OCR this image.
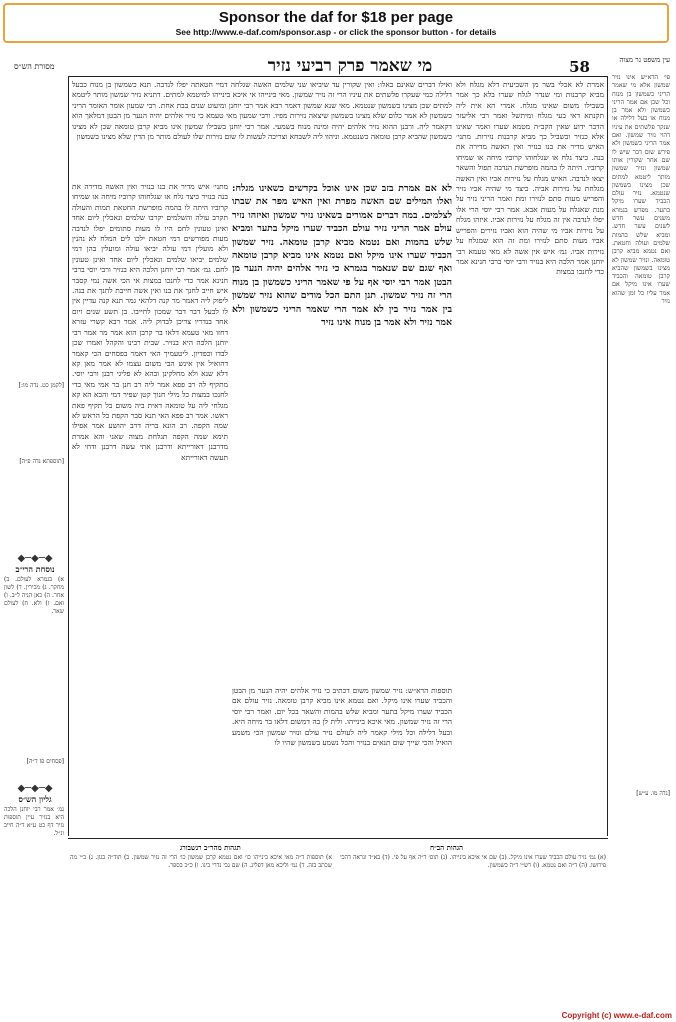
Sponsor the daf for $18 per page
See http://www.e-daf.com/sponsor.asp - or click the sponsor button - for details
58
מי שאמר פרק רביעי נזיר
מסורת הש״ס
עין משפט נר מצוה

פי׳ הרא״ש אינו נזיר שמשון אלא מי שאמר הריני כשמשון בן מנוח וכל שכן אם אמר הריני כשמשון ולא אמר בן מנוח או בעל דלילה או שנקר פלשתים את עיניו דהוי נזיר שמשון. ואם אמר הריני כשמשון ולא פירש שום דבר שיש לו שם אחר שקורין אותו שמשון ונזיר שמשון מותר ליטמא למתים שכן מצינו בשמשון שנטמא. נזיר עולם הכביד שערו מיקל בתער. מפרש בגמרא משנים עשר חדש לשנים עשר חדש. ומביא שלש בהמות שלמים ועולה וחטאת. ואם נטמא מביא קרבן טומאה. ונזיר שמשון לא מצינו בשמשון שהביא קרבן טומאה והכביד שערו אינו מיקל אם אמר עליו כל זמן שהוא נזיר

אמרת לא אכלי בשר מן השביעית דלא מגלח ולא מביא קרבנות ומי שנדר לגלח שערו בלא כך אמר בשבילו משום שאינו מגלח. אמרי הא אית ליה תקנתא דאי בעי מגלח ומיתשל ואמר רבי אליעזר הדבר ידוע שאין הקב״ה מטמא שערו ואמר שאינו אלא כנזיר ובשביל כך מביא קרבנות נזירות. מתני׳ האיש מדיר את בנו בנזיר ואין האשה מדירה את בנה. כיצד גלח או שגלחוהו קרוביו מיחה או שמיחו קרוביו. היתה לו בהמה מופרשת הנדבה תפול והשאר יצאו לנדבה. האיש מגלח על נזירות אביו ואין האשה מגלחת על נזירות אביה. כיצד מי שהיה אביו נזיר והפריש מעות סתם לנזירו ומת ואמר הריני נזיר על מנת שאגלח על מעות אבא. אמר רבי יוסי הרי אלו יפלו לנדבה אין זה מגלח על נזירות אביו. איזהו מגלח על נזירות אביו מי שהיה הוא ואביו נזירים והפריש אביו מעות סתם לנזירו ומת זה הוא שמגלח על נזירות אביו. גמ׳ איש אין אשה לא מאי טעמא רבי יוחנן אמר הלכה היא בנזיר ורבי יוסי ברבי חנינא אמר כדי לחנכו במצות

ואילו דברים שאינם כאלו: ואין שקורין עד שיביאו שני שלמים האשה שגלחה דמיי חטאתה יפלו לנדבה. תנא כשמשון בן מנוח כבעל דלילה כמי שעקרו פלשתים את עיניו הרי זה נזיר שמשון. מאי בינייהו אי איכא בינייהו למיטמא למתים. דתניא נזיר שמשון מותר ליטמא למתים שכן מצינו בשמשון שנטמא. מאי שנא שמשון דאמר רבא אמר רבי יוחנן ומיעוט שנים בבת אחת. רבי שמעון אומר האומר הריני כשמשון לא אמר כלום שלא מצינו בשמשון שיצאה נזירות מפיו. ורבי שמעון מאי טעמא כי נזיר אלהים יהיה הנער מן הבטן דמלאך הוא דקאמר ליה. ורבנן ההוא נזיר אלהים יהיה ומינה מנוח בשמעי. אמר רבי יוחנן בשבילו שמשון אינו מביא קרבן טומאה שכן לא מצינו כשמשון שהביא קרבן טומאה כשנטמא. וניהוו ליה לשבחא וצריכה לעשות לו שום נזירות שלו לעולם מותר מן הדין שלא מצינו בשמשון

לא אם אמרת בזב שכן אינו אוכל בקדשים כשאינו מגלח: ואלו המילים שם האשה מפרת ואין האיש מפר את שבתו לצלמים. במה דברים אמורים בשאינו נזיר שמשון ואיזהו נזיר עולם אמר הריני נזיר עולם הכביד שערו מיקל בתער ומביא שלש בהמות ואם נטמא מביא קרבן טומאה. נזיר שמשון הכביד שערו אינו מיקל ואם נטמא אינו מביא קרבן טומאה ואף שגם שם שנאמר בגמרא כי נזיר אלהים יהיה הנער מן הבטן אמר רבי יוסי אף על פי שאמר הריני כשמשון בן מנוח הרי זה נזיר שמשון. תנן התם הכל מודים שהוא נזיר שמשון בין אמר נזיר בין לא אמר הרי שאמר הריני כשמשון ולא אמר נזיר ולא אמר בן מנוח אינו נזיר

מתני׳ איש מדיר את בנו בנזיר ואין האשה מדירה את בנה בנזיר כיצד גלח או שגלחוהו קרוביו מיחה או שמיחו קרוביו היתה לו בהמה מופרשת החטאת תמות והעולה תקרב עולה והשלמים יקרבו שלמים ונאכלין ליום אחד ואינן טעונין לחם היו לו מעות סתומים יפלו לנדבה מעות מפורשים דמי חטאת ילכו לים המלח לא נהנין ולא מועלין דמי עולה יביאו עולה ומועלין בהן דמי שלמים יביאו שלמים ונאכלין ליום אחד ואינן טעונין לחם. גמ׳ אמר רבי יוחנן הלכה היא בנזיר ורבי יוסי ברבי חנינא אמר כדי לחנכו במצות אי הכי אשה נמי קסבר איש חייב לחנך את בנו ואין אשה חייבת לחנך את בנה. ליפוק ליה דאמר מר קנה דלהאי גמר תנא קנה עדיין אין לו לבעל דבר דבר שמכון לחייבו. בן תשע שנים ויום אחד בנדריו צריכן לבדוק ליה. אמר רבא קשרי עזרא דחזו מאי טעמא דלאו בר קרבן הוא אמר מר אמר רבי יוחנן הלכה היא בנזיר. שבית רבינו והקהל ואמרו שכן לבדו וכפדיון. ליטעמיך האי דאמר בפסחים הכי קאמר דהואיל אין אינש הבי משום עצמו לא אמר מאן קא דלא שנא ולא מחלקינן ובהא לא פליגי רבנן ורבי יוסי. מתקיף לה רב פפא אמר ליה רב חנן בר אמי מאי כדי לחנכו במצות כל מילי חנוך קטן שפיר דמי והכא הא קא מגלחי ליה על טומאה דאית ביה משום בל תקיף פאת ראשו. אמר רב פפא האי תנא סבר הקפת כל הראש לא שמה הקפה. רב הונא בריה דרב יהושע אמר אפילו תימא שמה הקפה תגלחת מצוה שאני והא אמרת מדרבנן דאורייתא ודרבנן אתי עשה דרבנן ודחי לא תעשה דאורייתא

תוספות הרא״ש: נזיר שמשון משום דכתיב כי נזיר אלהים יהיה הנער מן הבטן והכביד שערו אינו מיקל. ואם נטמא אינו מביא קרבן טומאה. נזיר עולם אם הכביד שערו מיקל בתער ומביא שלש בהמות והשאר בכל יום. ואמר רבי יוסי הרי זה נזיר שמשון. מאי איכא בינייהו. ולית לן בה דמשום דלאו בר מיחה היא. ובעל דלילה וכל מילי קאמר ליה לעולם נזיר עולם ונזיר שמשון הכי משמע הואיל והכי שייך שום תנאים בנזיר והכל נשמע בשמשון שהיו לו

[לקמן כט. נדה מו:]

[תוספתא נדה פ״ה]

◆─◆─◆
נוסחת הרי״ב

א) בגמרא לעולם. ב) מחקר. ג) מכירין. ד) לשון אחר. ה) כאן הניה ל״ב. ו) ואם. ז) ולא. ח) לעולם שאר.

[פסחים פז ד״ה]

◆─◆─◆
גליון הש״ס

גמ׳ אמר רבי יוחנן הלכה היא בנזיר עיין תוספות נזיר דף כט ע״א ד״ה חייב ונ״ל.

[נדה מו. ע״ש]

תגהות מהר״ב רנשבורג	הגהות הב״ח

א) תוספות ד״ה מאי איכא בינייהו כו׳ ואם נטמא קרבן שמשון כו׳ הרי זה נזיר שמשון. ב) תוד״ה כגון. ג) ב״י מה שכתב בזה. ד) גמ׳ וליכא מאן דפליג. ה) שם גבי נדרי בינו. ו) כ״כ בספר.

(א) גמ׳ נזיר עולם הכביד שערו אינו מיקל. (ב) שם אי איכא בינייהו. (ג) תוס׳ ד״ה אף על פי. (ד) בא״ד ונראה דהכי פירושו. (ה) ד״ה ואם נטמא. (ו) רש״י ד״ה כשמשון.

Copyright (c) www.e-daf.com
